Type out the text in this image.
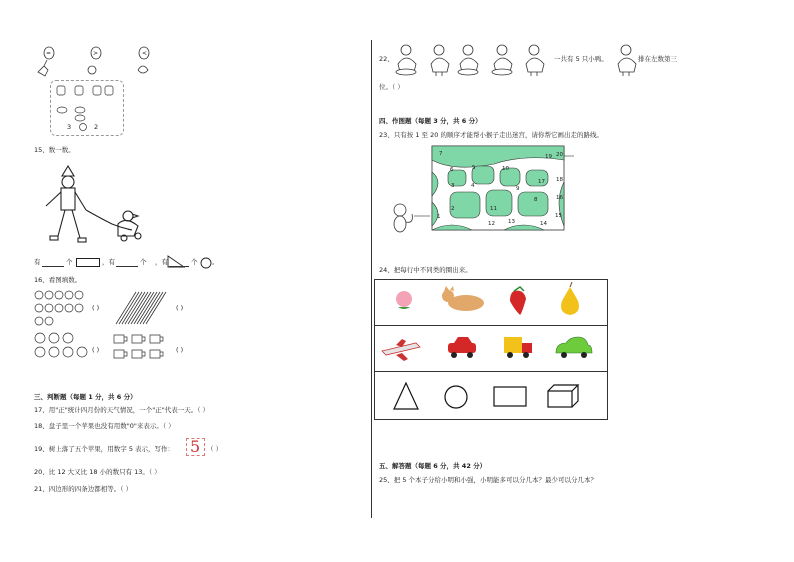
=	>	<
3	2
15、数一数。
有	个	，有	个 ，有	个 。
16、看图填数。
( )	( )
( )	( )
三、判断题（每题 1 分，共 6 分）
17、用"正"统计四月份的天气情况，一个"正"代表一天。（ ）
18、盘子里一个苹果也没有用数"0"来表示。（ ）
19、树上落了五个苹果，用数字 5 表示，写作： 5 （ ）
20、比 12 大又比 18 小的数只有 13。（ ）
21、四边形的四条边都相等。（ ）
22、	一共有 5 只小鸭。	排在左数第三
位。（ ）
四、作图题（每题 3 分，共 6 分）
23、只有按 1 至 20 的顺序才能帮小猴子走出迷宫，请你帮它画出走的路线。
7	19 20
6	5	10
17 18
3	4	9
8
11
16
2
13
15
1
12	14
24、把每行中不同类的圈出来。
五、解答题（每题 6 分，共 42 分）
25、把 5 个本子分给小明和小强，小明能多可以分几本？最少可以分几本？
